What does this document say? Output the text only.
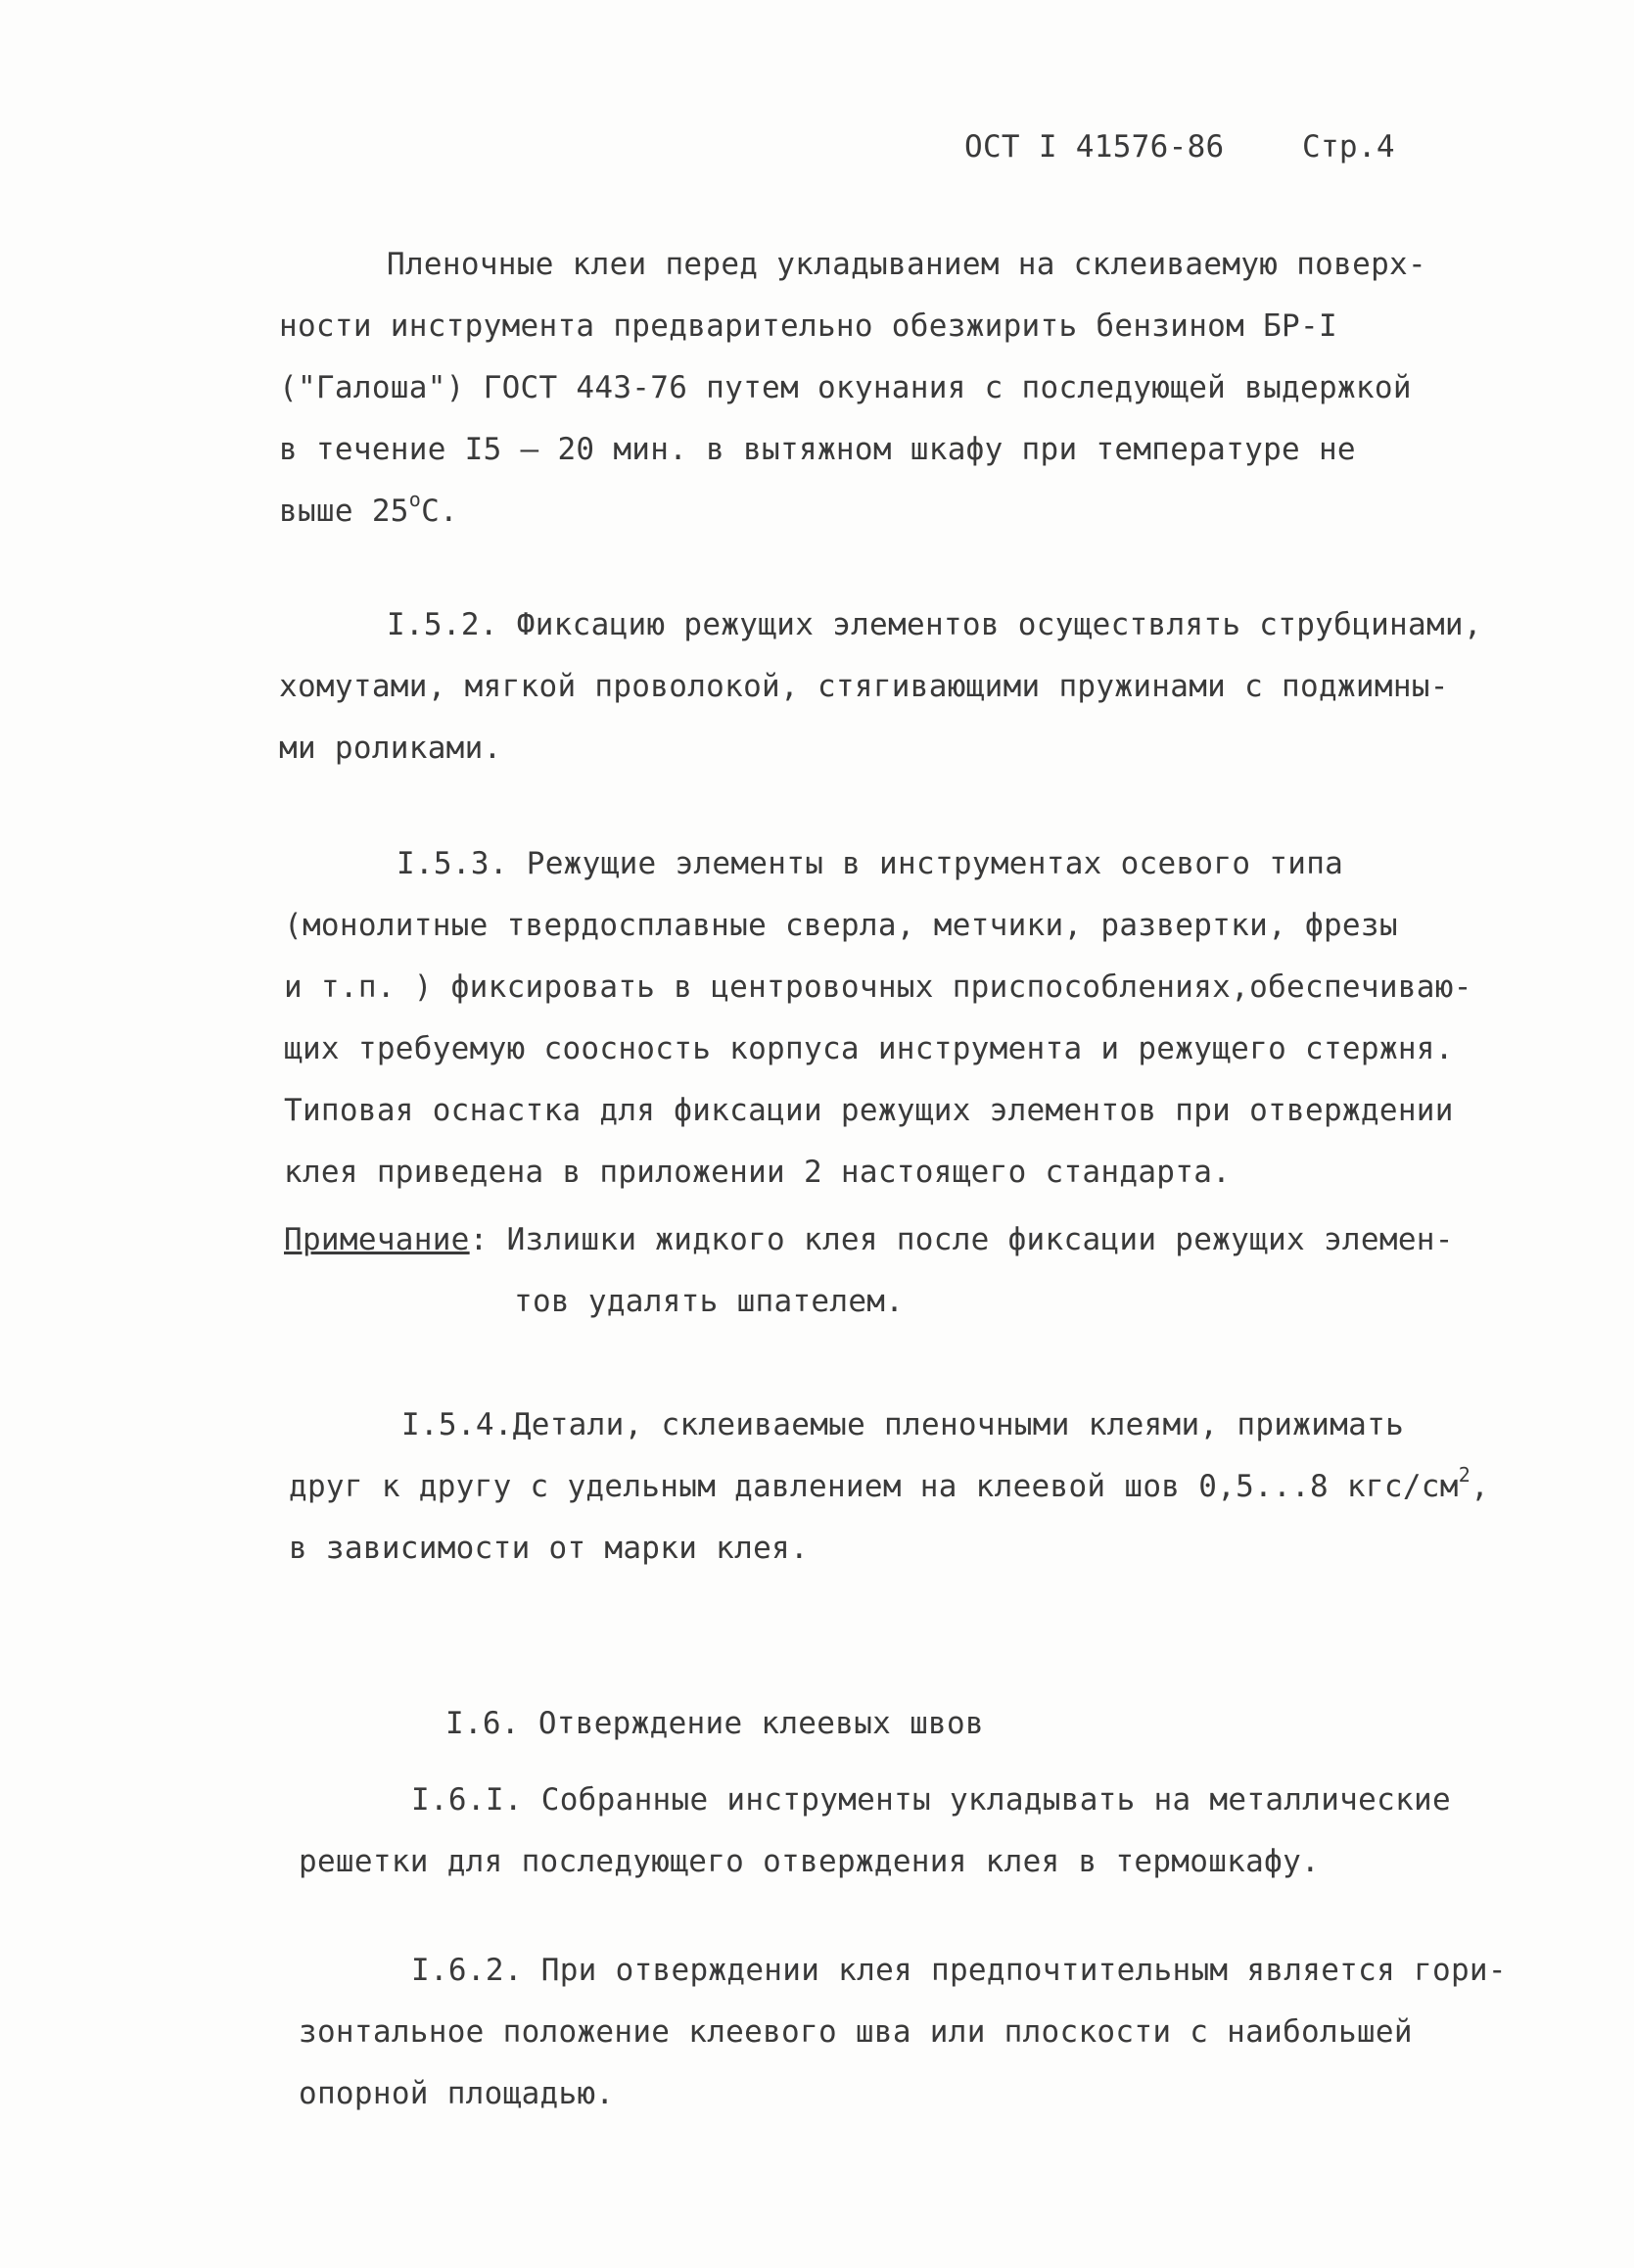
ОСТ I 41576-86	Стр.4
Пленочные клеи перед укладыванием на склеиваемую поверх-
ности инструмента предварительно обезжирить бензином БР-I
("Галоша") ГОСТ 443-76 путем окунания с последующей выдержкой
в течение I5 – 20 мин. в вытяжном шкафу при температуре не
выше $25^оС$.
I.5.2. Фиксацию режущих элементов осуществлять струбцинами,
хомутами, мягкой проволокой, стягивающими пружинами с поджимны-
ми роликами.
I.5.3. Режущие элементы в инструментах осевого типа
(монолитные твердосплавные сверла, метчики, развертки, фрезы
и т.п. ) фиксировать в центровочных приспособлениях,обеспечиваю-
щих требуемую соосность корпуса инструмента и режущего стержня.
Типовая оснастка для фиксации режущих элементов при отверждении
клея приведена в приложении 2 настоящего стандарта.
Примечание: Излишки жидкого клея после фиксации режущих элемен-
тов удалять шпателем.
I.5.4.Детали, склеиваемые пленочными клеями, прижимать
друг к другу с удельным давлением на клеевой шов 0,5...8 кгс/$см^2$,
в зависимости от марки клея.
I.6. Отверждение клеевых швов
I.6.I. Собранные инструменты укладывать на металлические
решетки для последующего отверждения клея в термошкафу.
I.6.2. При отверждении клея предпочтительным является гори-
зонтальное положение клеевого шва или плоскости с наибольшей
опорной площадью.
